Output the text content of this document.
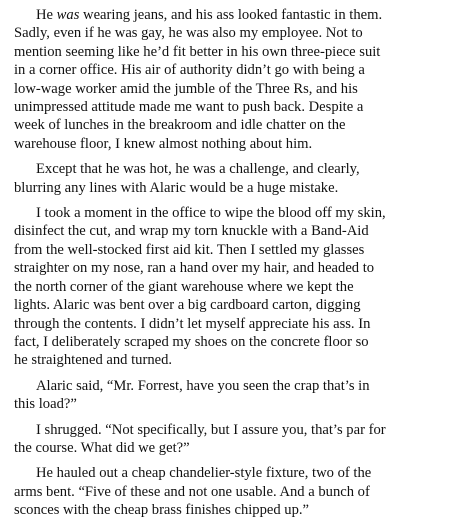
He was wearing jeans, and his ass looked fantastic in them.
Sadly, even if he was gay, he was also my employee. Not to
mention seeming like he’d fit better in his own three-piece suit
in a corner office. His air of authority didn’t go with being a
low-wage worker amid the jumble of the Three Rs, and his
unimpressed attitude made me want to push back. Despite a
week of lunches in the breakroom and idle chatter on the
warehouse floor, I knew almost nothing about him.

Except that he was hot, he was a challenge, and clearly,
blurring any lines with Alaric would be a huge mistake.

I took a moment in the office to wipe the blood off my skin,
disinfect the cut, and wrap my torn knuckle with a Band-Aid
from the well-stocked first aid kit. Then I settled my glasses
straighter on my nose, ran a hand over my hair, and headed to
the north corner of the giant warehouse where we kept the
lights. Alaric was bent over a big cardboard carton, digging
through the contents. I didn’t let myself appreciate his ass. In
fact, I deliberately scraped my shoes on the concrete floor so
he straightened and turned.

Alaric said, “Mr. Forrest, have you seen the crap that’s in
this load?”

I shrugged. “Not specifically, but I assure you, that’s par for
the course. What did we get?”

He hauled out a cheap chandelier-style fixture, two of the
arms bent. “Five of these and not one usable. And a bunch of
sconces with the cheap brass finishes chipped up.”
